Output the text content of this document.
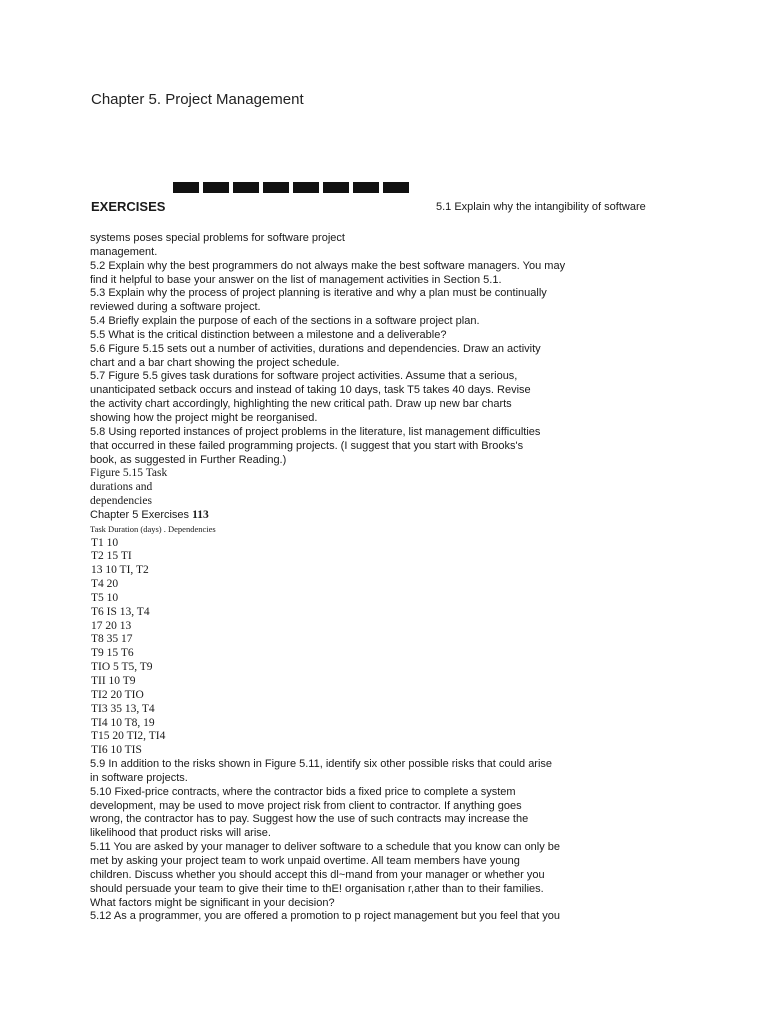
Chapter 5. Project Management
EXERCISES	5.1 Explain why the intangibility of software
systems poses special problems for software project
management.
5.2 Explain why the best programmers do not always make the best software managers. You may
find it helpful to base your answer on the list of management activities in Section 5.1.
5.3 Explain why the process of project planning is iterative and why a plan must be continually
reviewed during a software project.
5.4 Briefly explain the purpose of each of the sections in a software project plan.
5.5 What is the critical distinction between a milestone and a deliverable?
5.6 Figure 5.15 sets out a number of activities, durations and dependencies. Draw an activity
chart and a bar chart showing the project schedule.
5.7 Figure 5.5 gives task durations for software project activities. Assume that a serious,
unanticipated setback occurs and instead of taking 10 days, task T5 takes 40 days. Revise
the activity chart accordingly, highlighting the new critical path. Draw up new bar charts
showing how the project might be reorganised.
5.8 Using reported instances of project problems in the literature, list management difficulties
that occurred in these failed programming projects. (I suggest that you start with Brooks's
book, as suggested in Further Reading.)
Figure 5.15 Task
durations and
dependencies
Chapter 5 Exercises 113
Task Duration (days) . Dependencies
T1 10
T2 15 TI
13 10 TI, T2
T4 20
T5 10
T6 IS 13, T4
17 20 13
T8 35 17
T9 15 T6
TIO 5 T5, T9
TII 10 T9
TI2 20 TIO
TI3 35 13, T4
TI4 10 T8, 19
T15 20 TI2, TI4
TI6 10 TIS
5.9 In addition to the risks shown in Figure 5.11, identify six other possible risks that could arise
in software projects.
5.10 Fixed-price contracts, where the contractor bids a fixed price to complete a system
development, may be used to move project risk from client to contractor. If anything goes
wrong, the contractor has to pay. Suggest how the use of such contracts may increase the
likelihood that product risks will arise.
5.11 You are asked by your manager to deliver software to a schedule that you know can only be
met by asking your project team to work unpaid overtime. All team members have young
children. Discuss whether you should accept this dl~mand from your manager or whether you
should persuade your team to give their time to thE! organisation r,ather than to their families.
What factors might be significant in your decision?
5.12 As a programmer, you are offered a promotion to p roject management but you feel that you
